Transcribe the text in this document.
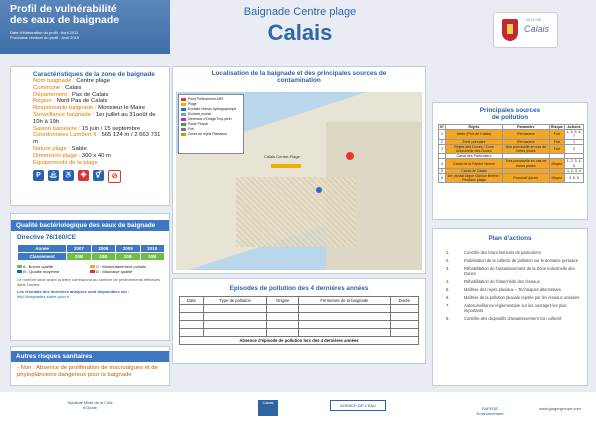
Profil de vulnérabilité
des eaux de baignade
Date d'élaboration du profil : Avril 2011
Prochaine révision du profil : Avril 2015
Baignade Centre plage
Calais	VILLE DE
Calais
Caractéristiques de la zone de baignade
Nom baignade : Centre plage
Commune : Calais
Département : Pas de Calais
Région : Nord Pas de Calais
Responsable baignade : Monsieur le Maire
Surveillance baignade : 1er juillet au 31août de 10h à 19h
Saison balnéaire : 15 juin / 15 septembre
Coordonnées Lambert II : 565 124 m / 2 663 731 m
Nature plage : Sable
Dimension plage : 300 x 40 m
Equipements de la plage
P	⛲ ♿	✚	⚥	⊘
Qualité bactériologique des eaux de baignade
Directive 76/160/CE
Année	2007	2008	2009	2010
Classement	20B	20B	20B	20B
A : Bonne qualité	C : Momentanément polluée
B : Qualité moyenne	D : Mauvaise qualité
Le nombre situé avant la lettre correspond au nombre de prélèvements effectués dans l'année.
Les résultats des dernières analyses sont disponibles sur :
http://baignades.sante.gouv.fr
Autres risques sanitaires
- Non : Absence de prolifération de macroalgues et de phytoplanctons dangereux pour la baignade
Localisation de la baignade et des principales sources de
contamination
Calais Centre-Plage
Point Prélèvement ARS
Plage
Exutoire réseau hydrographique
Exutoire pluvial
Déversoir d'Orage/Trop-plein
Poste Pluvial
Port
Zones de rejets Plaisance
Episodes de pollution des 4 dernières années
Date	Type de pollution	Origine	Fermeture de la baignade	Durée

Absence d'épisode de pollution lors des 4 dernières années				
Principales sources
de pollution
N°	Rejets	Paramètre	Risque	Actions
1	Jetée (Port de Calais)	Permanent	Fort	1, 3, 5, 6, 7
2	Zone portuaire	Permanent	Fort	1
3	Rejets des Dunes / Zone Industrielle des Dunes	Non ponctuelle en cas de fortes pluies	Fort	2
	Canal des Particuliers			
4	Canal de la Rivière Neuve	Très ponctuelle en cas de fortes pluies	Moyen	1, 2, 3, 4, 5
5	Canal de Calais			1, 2, 3, 4
6	1er pluvial Digue Gaston Berthe / Pluviaux plage	Ponctuel (pluie)	Moyen	3, 5, 6
Plan d'actions
1.	Contrôle des branchements de particuliers
2.	Fiabilisation de la collecte de pollution sur le domaine portuaire
3.	Réhabilitation de l'assainissement de la Zone Industrielle des Dunes
4.	Réhabilitation de l'étanchéité des réseaux
5.	Maîtrise des rejets pluviaux – Techniques alternatives
6.	Maîtrise de la pollution pluviale rejetée par les réseaux unitaires
7.	Autosurveillance réglementaire sur les ouvrages les plus importants
8.	Contrôle des dispositifs d'assainissement non collectif
Syndicat Mixte de la Côte d'Opale
Calais
AGENCE DE L'EAU
SAFEGE Environnement
www.gingergroupe.com
